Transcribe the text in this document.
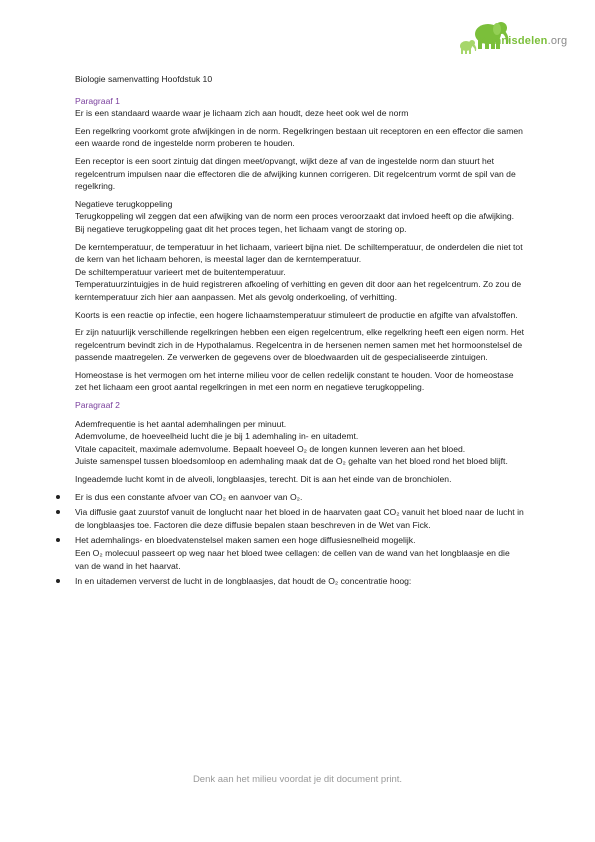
Kennisdelen.org

Biologie samenvatting Hoofdstuk 10

Paragraaf 1
Er is een standaard waarde waar je lichaam zich aan houdt, deze heet ook wel de norm

Een regelkring voorkomt grote afwijkingen in de norm. Regelkringen bestaan uit receptoren en een effector die samen een waarde rond de ingestelde norm proberen te houden.

Een receptor is een soort zintuig dat dingen meet/opvangt, wijkt deze af van de ingestelde norm dan stuurt het regelcentrum impulsen naar die effectoren die de afwijking kunnen corrigeren. Dit regelcentrum vormt de spil van de regelkring.

Negatieve terugkoppeling
Terugkoppeling wil zeggen dat een afwijking van de norm een proces veroorzaakt dat invloed heeft op die afwijking. Bij negatieve terugkoppeling gaat dit het proces tegen, het lichaam vangt de storing op.

De kerntemperatuur, de temperatuur in het lichaam, varieert bijna niet. De schiltemperatuur, de onderdelen die niet tot de kern van het lichaam behoren, is meestal lager dan de kerntemperatuur.
De schiltemperatuur varieert met de buitentemperatuur.
Temperatuurzintuigjes in de huid registreren afkoeling of verhitting en geven dit door aan het regelcentrum. Zo zou de kerntemperatuur zich hier aan aanpassen. Met als gevolg onderkoeling, of verhitting.

Koorts is een reactie op infectie, een hogere lichaamstemperatuur stimuleert de productie en afgifte van afvalstoffen.

Er zijn natuurlijk verschillende regelkringen hebben een eigen regelcentrum, elke regelkring heeft een eigen norm. Het regelcentrum bevindt zich in de Hypothalamus. Regelcentra in de hersenen nemen samen met het hormoonstelsel de passende maatregelen. Ze verwerken de gegevens over de bloedwaarden uit de gespecialiseerde zintuigen.

Homeostase is het vermogen om het interne milieu voor de cellen redelijk constant te houden. Voor de homeostase zet het lichaam een groot aantal regelkringen in met een norm en negatieve terugkoppeling.

Paragraaf 2

Ademfrequentie is het aantal ademhalingen per minuut.
Ademvolume, de hoeveelheid lucht die je bij 1 ademhaling in- en uitademt.
Vitale capaciteit, maximale ademvolume. Bepaalt hoeveel O₂ de longen kunnen leveren aan het bloed.
Juiste samenspel tussen bloedsomloop en ademhaling maak dat de O₂ gehalte van het bloed rond het bloed blijft.

Ingeademde lucht komt in de alveoli, longblaasjes, terecht. Dit is aan het einde van de bronchiolen.

Er is dus een constante afvoer van CO₂ en aanvoer van O₂.
Via diffusie gaat zuurstof vanuit de longlucht naar het bloed in de haarvaten gaat CO₂ vanuit het bloed naar de lucht in de longblaasjes toe. Factoren die deze diffusie bepalen staan beschreven in de Wet van Fick.
Het ademhalings- en bloedvatenstelsel maken samen een hoge diffusiesnelheid mogelijk.
Een O₂ molecuul passeert op weg naar het bloed twee cellagen: de cellen van de wand van het longblaasje en die van de wand in het haarvat.
In en uitademen ververst de lucht in de longblaasjes, dat houdt de O₂ concentratie hoog:
Denk aan het milieu voordat je dit document print.
